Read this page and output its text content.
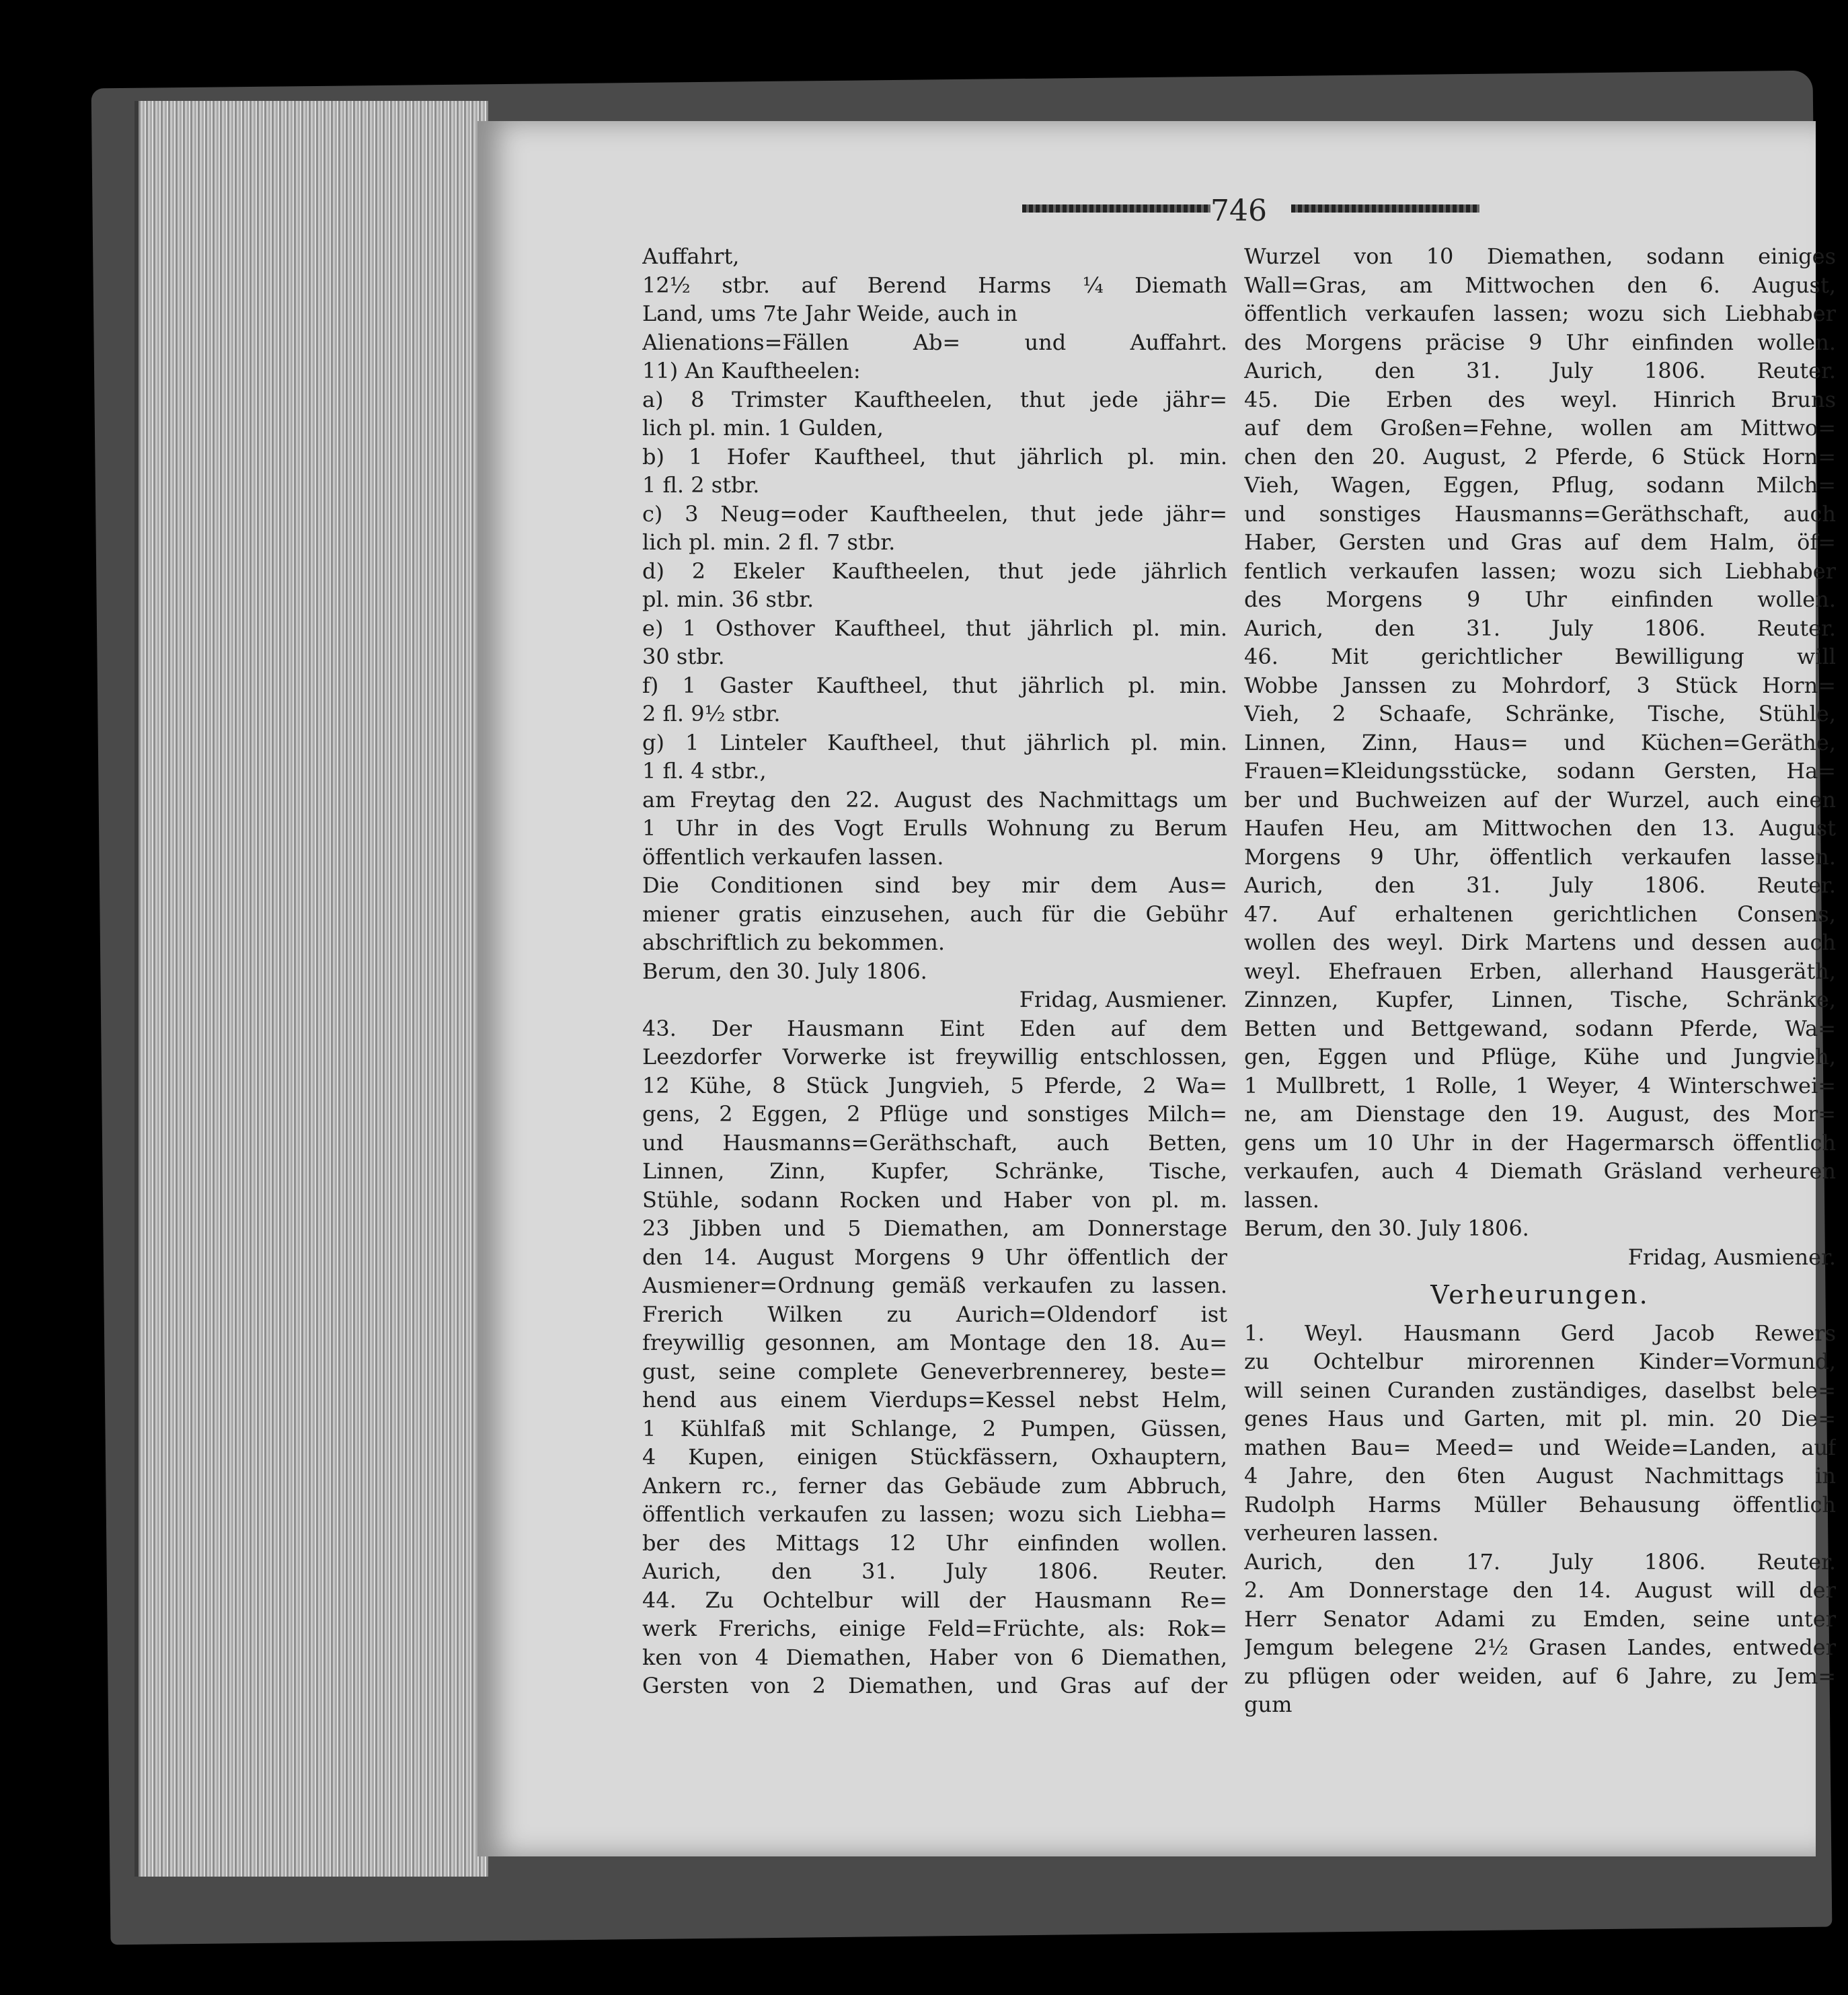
746
Auffahrt,
12½ stbr. auf Berend Harms ¼ Diemath
Land, ums 7te Jahr Weide, auch in
Alienations=Fällen Ab= und Auffahrt.
11) An Kauftheelen:
a) 8 Trimster Kauftheelen, thut jede jähr=
lich pl. min. 1 Gulden,
b) 1 Hofer Kauftheel, thut jährlich pl. min.
1 fl. 2 stbr.
c) 3 Neug=oder Kauftheelen, thut jede jähr=
lich pl. min. 2 fl. 7 stbr.
d) 2 Ekeler Kauftheelen, thut jede jährlich
pl. min. 36 stbr.
e) 1 Osthover Kauftheel, thut jährlich pl. min.
30 stbr.
f) 1 Gaster Kauftheel, thut jährlich pl. min.
2 fl. 9½ stbr.
g) 1 Linteler Kauftheel, thut jährlich pl. min.
1 fl. 4 stbr.,
am Freytag den 22. August des Nachmittags um
1 Uhr in des Vogt Erulls Wohnung zu Berum
öffentlich verkaufen lassen.
Die Conditionen sind bey mir dem Aus=
miener gratis einzusehen, auch für die Gebühr
abschriftlich zu bekommen.
Berum, den 30. July 1806.
Fridag, Ausmiener.
43. Der Hausmann Eint Eden auf dem
Leezdorfer Vorwerke ist freywillig entschlossen,
12 Kühe, 8 Stück Jungvieh, 5 Pferde, 2 Wa=
gens, 2 Eggen, 2 Pflüge und sonstiges Milch=
und Hausmanns=Geräthschaft, auch Betten,
Linnen, Zinn, Kupfer, Schränke, Tische,
Stühle, sodann Rocken und Haber von pl. m.
23 Jibben und 5 Diemathen, am Donnerstage
den 14. August Morgens 9 Uhr öffentlich der
Ausmiener=Ordnung gemäß verkaufen zu lassen.
Frerich Wilken zu Aurich=Oldendorf ist
freywillig gesonnen, am Montage den 18. Au=
gust, seine complete Geneverbrennerey, beste=
hend aus einem Vierdups=Kessel nebst Helm,
1 Kühlfaß mit Schlange, 2 Pumpen, Güssen,
4 Kupen, einigen Stückfässern, Oxhauptern,
Ankern rc., ferner das Gebäude zum Abbruch,
öffentlich verkaufen zu lassen; wozu sich Liebha=
ber des Mittags 12 Uhr einfinden wollen.
Aurich, den 31. July 1806. Reuter.
44. Zu Ochtelbur will der Hausmann Re=
werk Frerichs, einige Feld=Früchte, als: Rok=
ken von 4 Diemathen, Haber von 6 Diemathen,
Gersten von 2 Diemathen, und Gras auf der
Wurzel von 10 Diemathen, sodann einiges
Wall=Gras, am Mittwochen den 6. August,
öffentlich verkaufen lassen; wozu sich Liebhaber
des Morgens präcise 9 Uhr einfinden wollen.
Aurich, den 31. July 1806. Reuter.
45. Die Erben des weyl. Hinrich Bruns
auf dem Großen=Fehne, wollen am Mittwo=
chen den 20. August, 2 Pferde, 6 Stück Horn=
Vieh, Wagen, Eggen, Pflug, sodann Milch=
und sonstiges Hausmanns=Geräthschaft, auch
Haber, Gersten und Gras auf dem Halm, öf=
fentlich verkaufen lassen; wozu sich Liebhaber
des Morgens 9 Uhr einfinden wollen.
Aurich, den 31. July 1806. Reuter.
46. Mit gerichtlicher Bewilligung will
Wobbe Janssen zu Mohrdorf, 3 Stück Horn=
Vieh, 2 Schaafe, Schränke, Tische, Stühle,
Linnen, Zinn, Haus= und Küchen=Geräthe,
Frauen=Kleidungsstücke, sodann Gersten, Ha=
ber und Buchweizen auf der Wurzel, auch einen
Haufen Heu, am Mittwochen den 13. August
Morgens 9 Uhr, öffentlich verkaufen lassen.
Aurich, den 31. July 1806. Reuter.
47. Auf erhaltenen gerichtlichen Consens,
wollen des weyl. Dirk Martens und dessen auch
weyl. Ehefrauen Erben, allerhand Hausgeräth,
Zinnzen, Kupfer, Linnen, Tische, Schränke,
Betten und Bettgewand, sodann Pferde, Wa=
gen, Eggen und Pflüge, Kühe und Jungvieh,
1 Mullbrett, 1 Rolle, 1 Weyer, 4 Winterschwei=
ne, am Dienstage den 19. August, des Mor=
gens um 10 Uhr in der Hagermarsch öffentlich
verkaufen, auch 4 Diemath Gräsland verheuren
lassen.
Berum, den 30. July 1806.
Fridag, Ausmiener.
Verheurungen.
1. Weyl. Hausmann Gerd Jacob Rewers
zu Ochtelbur mirorennen Kinder=Vormund,
will seinen Curanden zuständiges, daselbst bele=
genes Haus und Garten, mit pl. min. 20 Die=
mathen Bau= Meed= und Weide=Landen, auf
4 Jahre, den 6ten August Nachmittags in
Rudolph Harms Müller Behausung öffentlich
verheuren lassen.
Aurich, den 17. July 1806. Reuter.
2. Am Donnerstage den 14. August will der
Herr Senator Adami zu Emden, seine unter
Jemgum belegene 2½ Grasen Landes, entweder
zu pflügen oder weiden, auf 6 Jahre, zu Jem=
gum
